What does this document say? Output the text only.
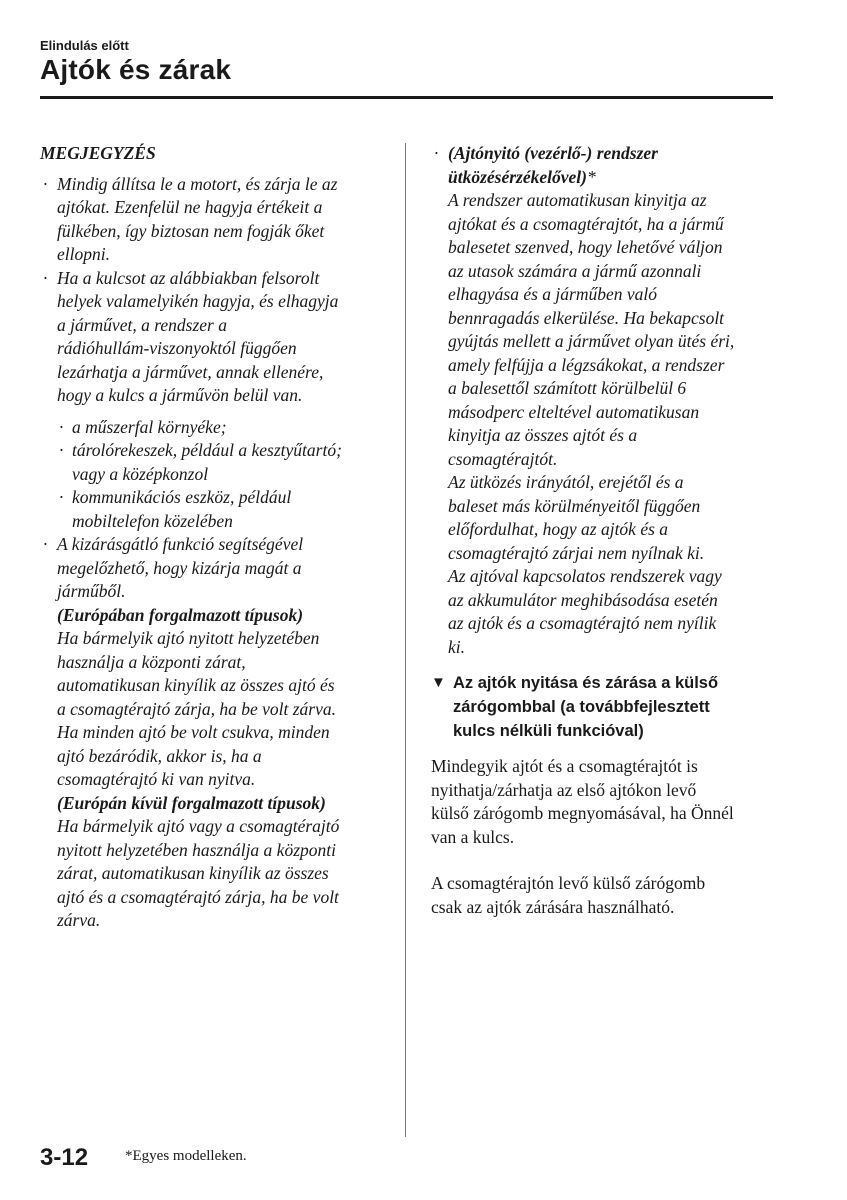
Elindulás előtt
Ajtók és zárak
MEGJEGYZÉS
· Mindig állítsa le a motort, és zárja le az
ajtókat. Ezenfelül ne hagyja értékeit a
fülkében, így biztosan nem fogják őket
ellopni.
· Ha a kulcsot az alábbiakban felsorolt
helyek valamelyikén hagyja, és elhagyja
a járművet, a rendszer a
rádióhullám-viszonyoktól függően
lezárhatja a járművet, annak ellenére,
hogy a kulcs a járművön belül van.
· a műszerfal környéke;
· tárolórekeszek, például a kesztyűtartó;
vagy a középkonzol
· kommunikációs eszköz, például
mobiltelefon közelében
· A kizárásgátló funkció segítségével
megelőzhető, hogy kizárja magát a
járműből.
(Európában forgalmazott típusok)
Ha bármelyik ajtó nyitott helyzetében
használja a központi zárat,
automatikusan kinyílik az összes ajtó és
a csomagtérajtó zárja, ha be volt zárva.
Ha minden ajtó be volt csukva, minden
ajtó bezáródik, akkor is, ha a
csomagtérajtó ki van nyitva.
(Európán kívül forgalmazott típusok)
Ha bármelyik ajtó vagy a csomagtérajtó
nyitott helyzetében használja a központi
zárat, automatikusan kinyílik az összes
ajtó és a csomagtérajtó zárja, ha be volt
zárva.
· (Ajtónyitó (vezérlő-) rendszer
ütközésérzékelővel)*
A rendszer automatikusan kinyitja az
ajtókat és a csomagtérajtót, ha a jármű
balesetet szenved, hogy lehetővé váljon
az utasok számára a jármű azonnali
elhagyása és a járműben való
bennragadás elkerülése. Ha bekapcsolt
gyújtás mellett a járművet olyan ütés éri,
amely felfújja a légzsákokat, a rendszer
a balesettől számított körülbelül 6
másodperc elteltével automatikusan
kinyitja az összes ajtót és a
csomagtérajtót.
Az ütközés irányától, erejétől és a
baleset más körülményeitől függően
előfordulhat, hogy az ajtók és a
csomagtérajtó zárjai nem nyílnak ki.
Az ajtóval kapcsolatos rendszerek vagy
az akkumulátor meghibásodása esetén
az ajtók és a csomagtérajtó nem nyílik
ki.
▼ Az ajtók nyitása és zárása a külső
zárógombbal (a továbbfejlesztett
kulcs nélküli funkcióval)
Mindegyik ajtót és a csomagtérajtót is
nyithatja/zárhatja az első ajtókon levő
külső zárógomb megnyomásával, ha Önnél
van a kulcs.
A csomagtérajtón levő külső zárógomb
csak az ajtók zárására használható.
3-12 *Egyes modelleken.
